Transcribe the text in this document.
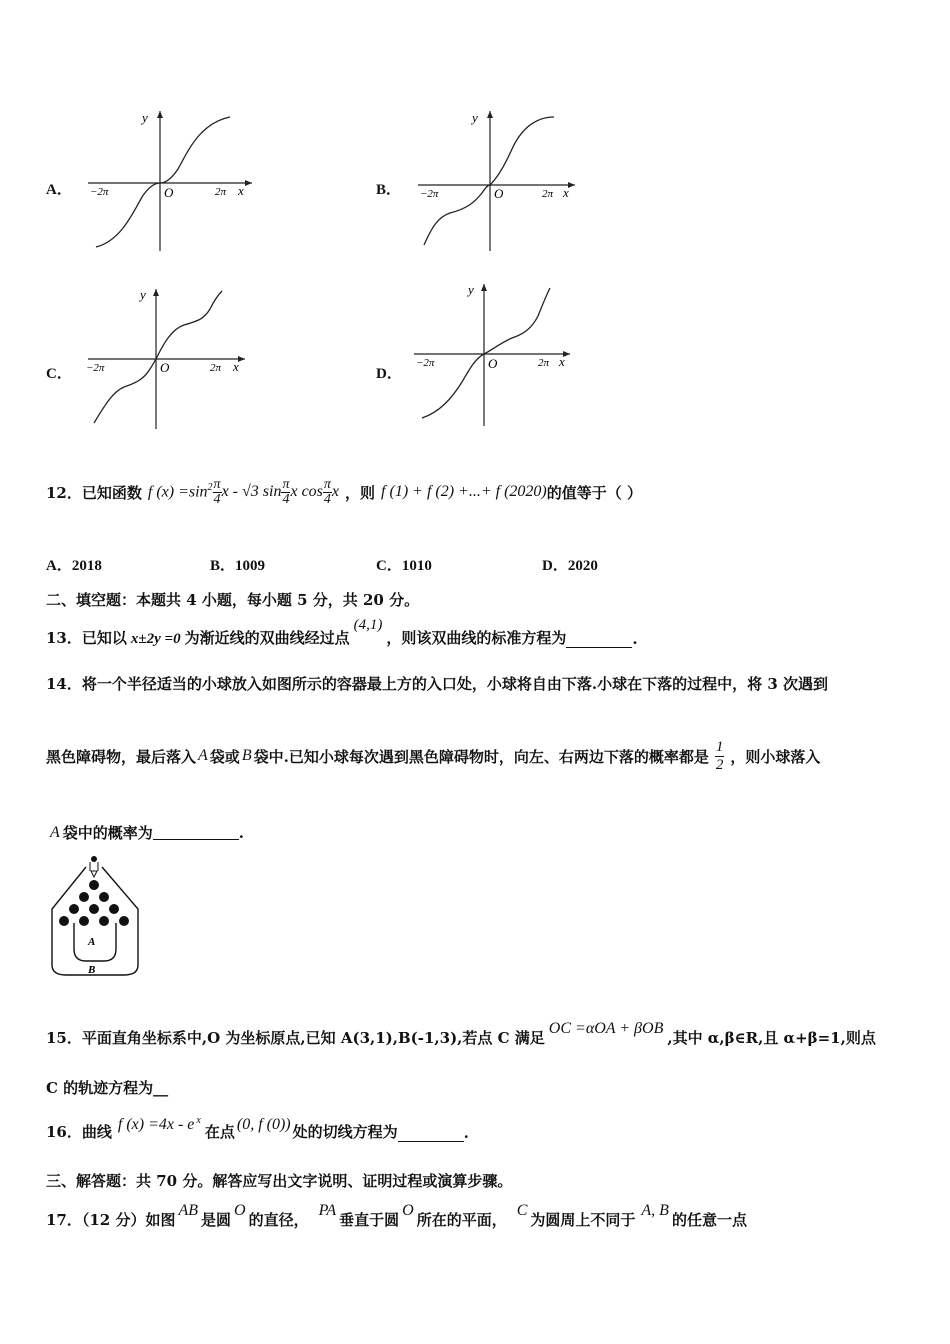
A．
y
O
−2π	2π x	B．
y
O
−2π	2π x
C．
y
O
−2π	2π x	D．
y
O
−2π	2π x
12．已知函数 f $(x) =\sin^2 \frac{\pi}{4}$ x - √3 $\sin \frac{\pi}{4}$ x $\cos \frac{\pi}{4}$ x ，则 f (1) + f (2) +...+ f (2020) 的值等于（ ）
A．2018	B．1009	C．1010	D．2020
二、填空题：本题共 4 小题，每小题 5 分，共 20 分。
13．已知以 x±2y =0 为渐近线的双曲线经过点
(4,1)
，则该双曲线的标准方程为	.
14．将一个半径适当的小球放入如图所示的容器最上方的入口处，小球将自由下落.小球在下落的过程中，将 3 次遇到
黑色障碍物，最后落入 A 袋或 B 袋中.已知小球每次遇到黑色障碍物时，向左、右两边下落的概率都是 $\frac{1}{2}$ ，则小球落入
A 袋中的概率为	.
A
B
15．平面直角坐标系中,O 为坐标原点,已知 A(3,1),B(-1,3),若点 C 满足
OC =αOA + βOB
,其中 α,β∈R,且 α+β=1,则点
C 的轨迹方程为__
16．曲线 f $(x) =4x - e^x$
在点 (0, f (0)) 处的切线方程为	.
三、解答题：共 70 分。解答应写出文字说明、证明过程或演算步骤。
17．（12 分）如图
AB
是圆
O
的直径，
PA
垂直于圆
O
所在的平面，
C
为圆周上不同于
A, B
的任意一点
